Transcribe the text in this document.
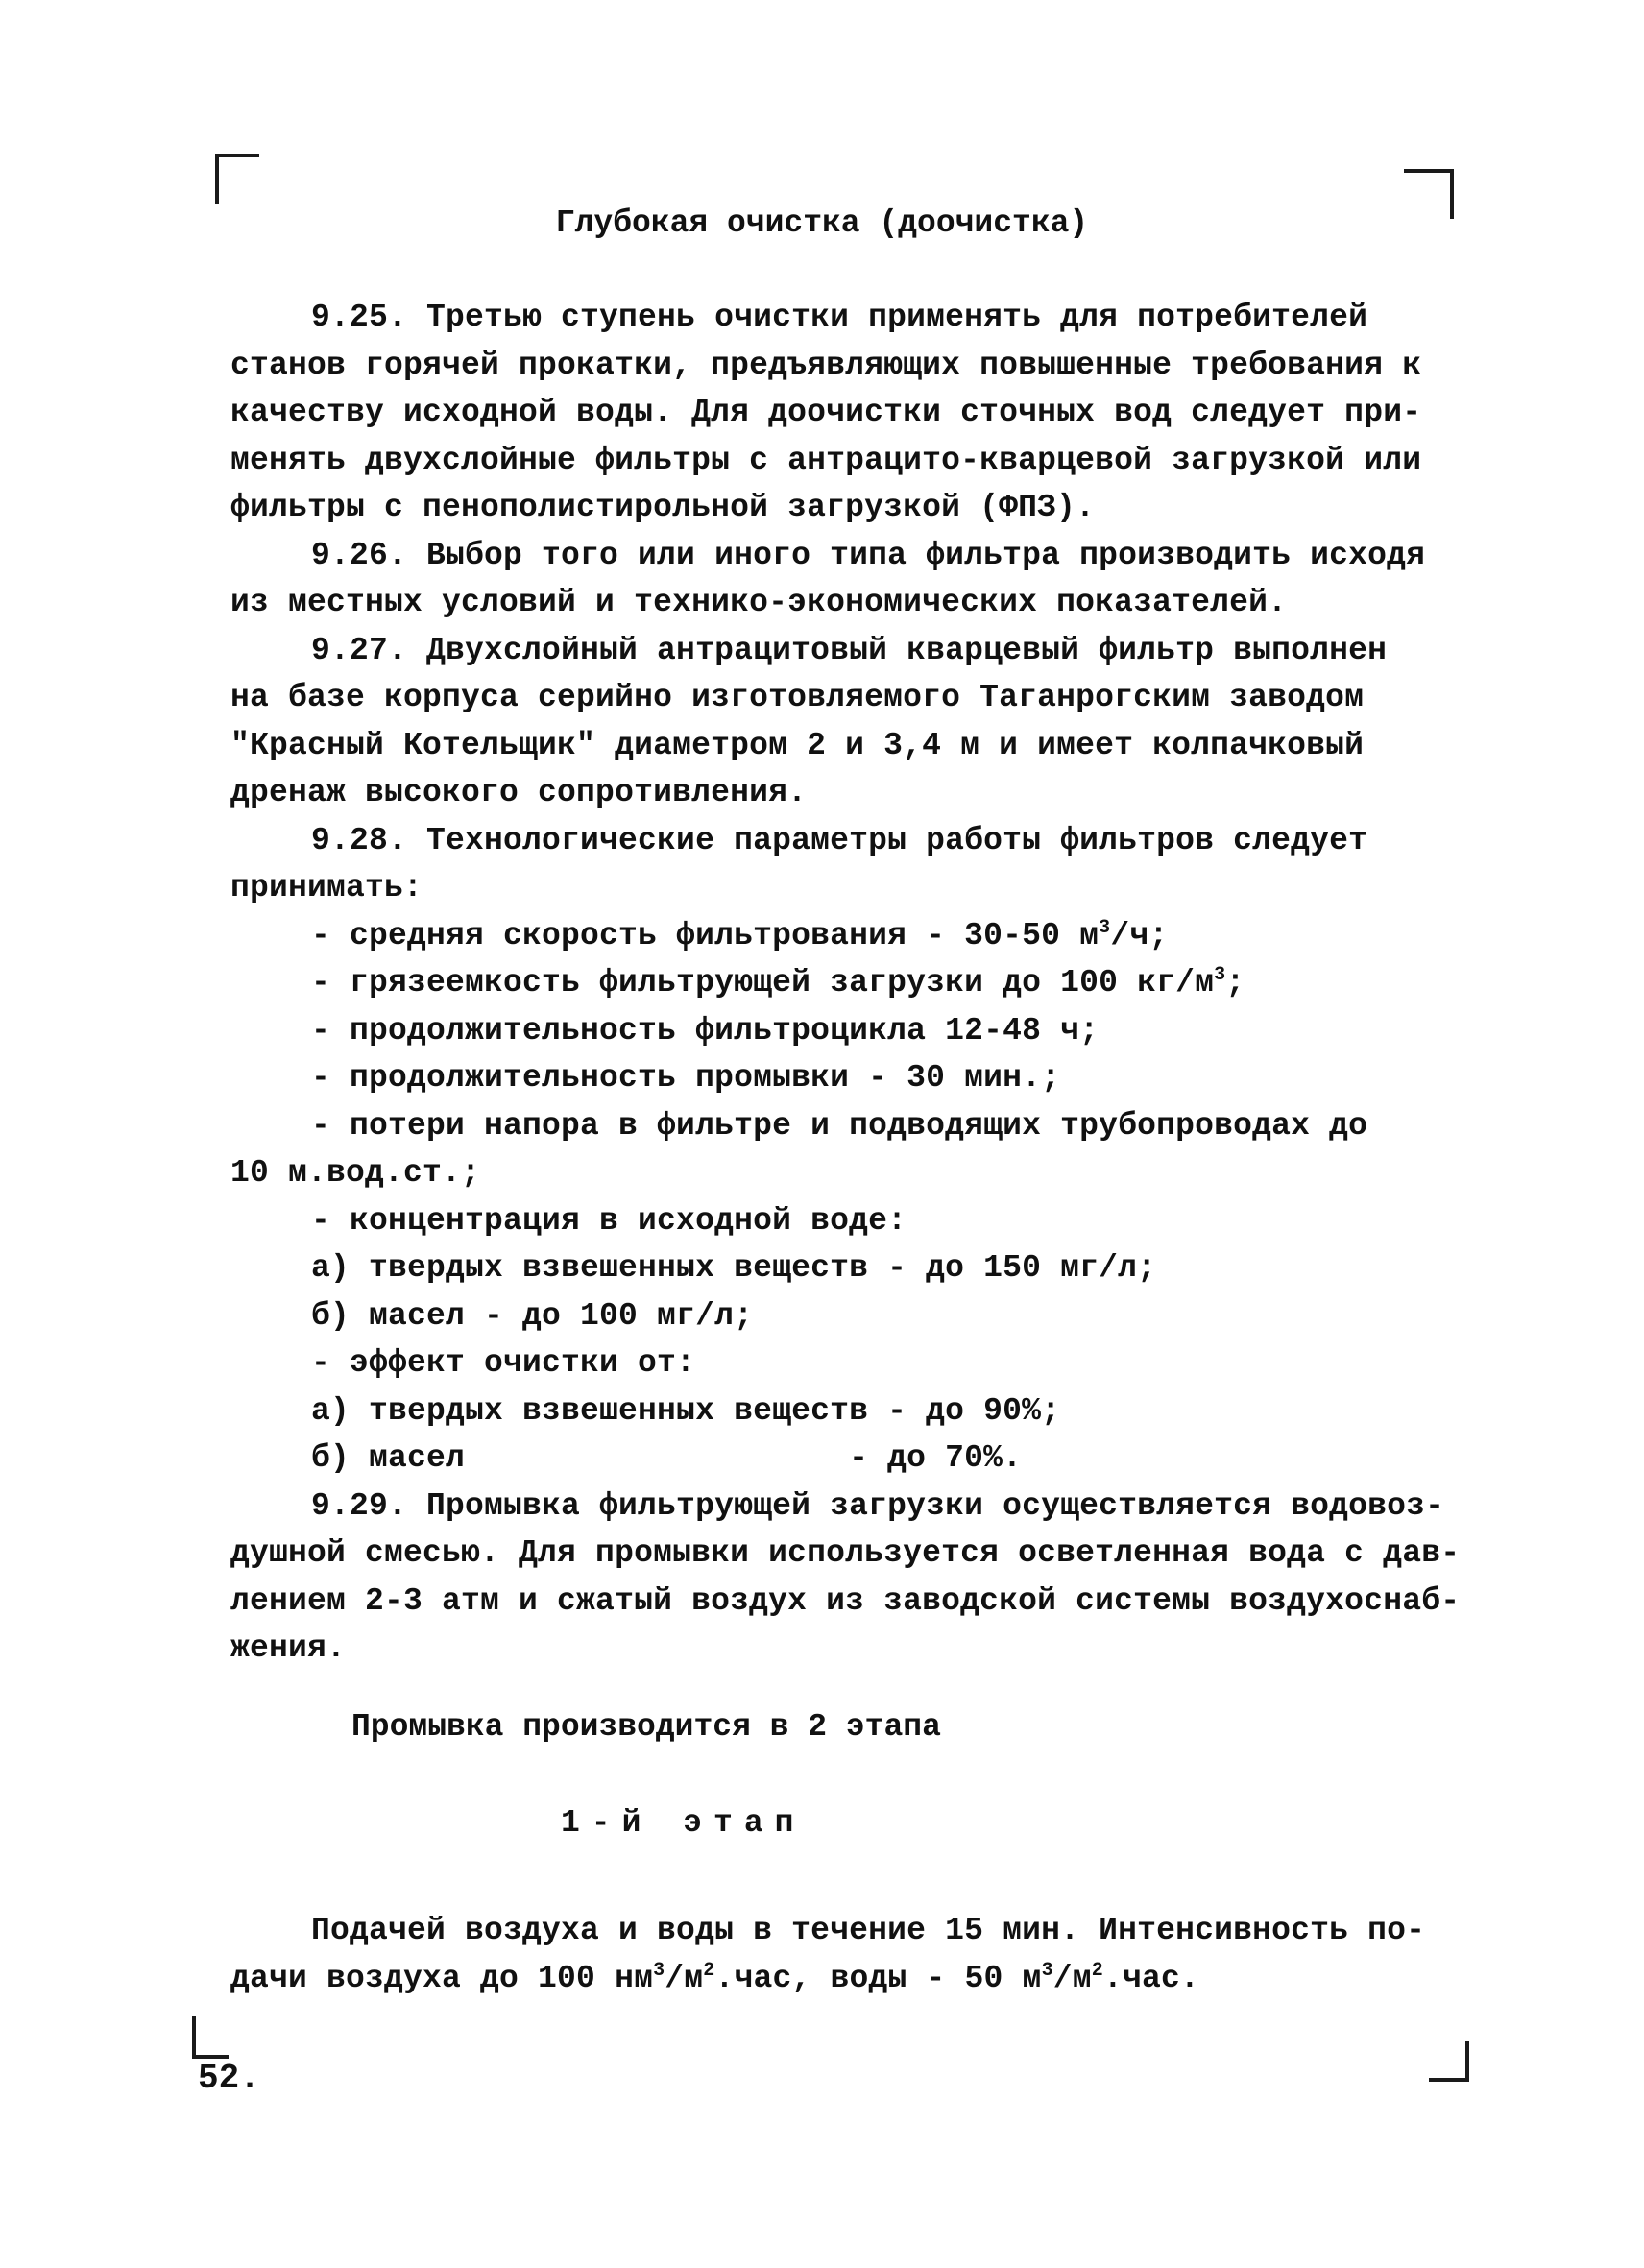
Глубокая очистка (доочистка)
9.25. Третью ступень очистки применять для потребителей
станов горячей прокатки, предъявляющих повышенные требования к
качеству исходной воды. Для доочистки сточных вод следует при-
менять двухслойные фильтры с антрацито-кварцевой загрузкой или
фильтры с пенополистирольной загрузкой (ФПЗ).
9.26. Выбор того или иного типа фильтра производить исходя
из местных условий и технико-экономических показателей.
9.27. Двухслойный антрацитовый кварцевый фильтр выполнен
на базе корпуса серийно изготовляемого Таганрогским заводом
"Красный Котельщик" диаметром 2 и 3,4 м и имеет колпачковый
дренаж высокого сопротивления.
9.28. Технологические параметры работы фильтров следует
принимать:
- средняя скорость фильтрования - 30-50 $м^3/ч$;
- грязеемкость фильтрующей загрузки до 100 $кг/м^3$;
- продолжительность фильтроцикла 12-48 ч;
- продолжительность промывки - 30 мин.;
- потери напора в фильтре и подводящих трубопроводах до
10 м.вод.ст.;
- концентрация в исходной воде:
а) твердых взвешенных веществ - до 150 мг/л;
б) масел - до 100 мг/л;
- эффект очистки от:
а) твердых взвешенных веществ - до 90%;
б) масел                    - до 70%.
9.29. Промывка фильтрующей загрузки осуществляется водовоз-
душной смесью. Для промывки используется осветленная вода с дав-
лением 2-3 атм и сжатый воздух из заводской системы воздухоснаб-
жения.
Промывка производится в 2 этапа
1-й этап
Подачей воздуха и воды в течение 15 мин. Интенсивность по-
дачи воздуха до 100 $нм^3/м^2.час$, воды - 50 $м^3/м^2.час$.
52.
